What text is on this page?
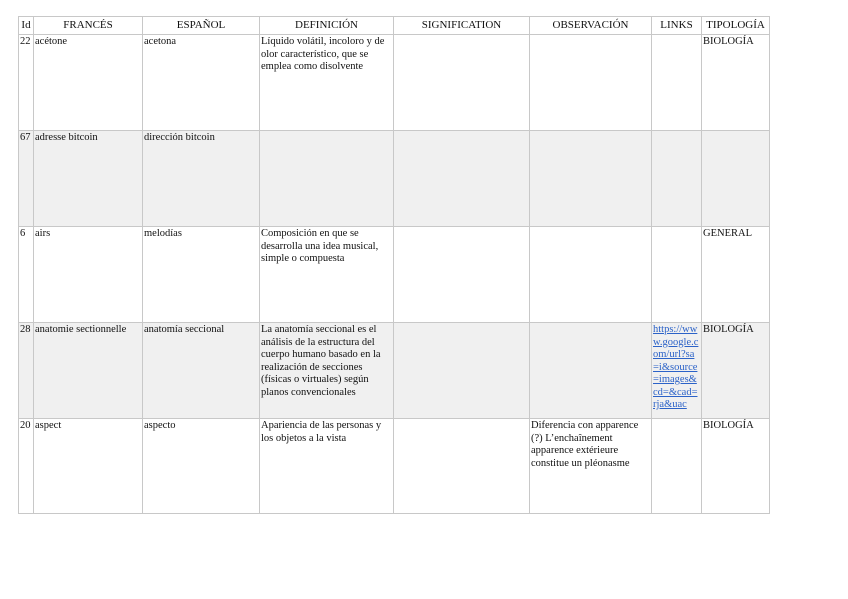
Id	FRANCÉS	ESPAÑOL	DEFINICIÓN	SIGNIFICATION	OBSERVACIÓN	LINKS	TIPOLOGÍA
22	acétone	acetona	Líquido volátil, incoloro y de olor característico, que se emplea como disolvente				BIOLOGÍA
67	adresse bitcoin	dirección bitcoin					
6	airs	melodías	Composición en que se desarrolla una idea musical, simple o compuesta				GENERAL
28	anatomie sectionnelle	anatomía seccional	La anatomía seccional es el análisis de la estructura del cuerpo humano basado en la realización de secciones (físicas o virtuales) según planos convencionales			https://www.google.com/url?sa=i&source=images&cd=&cad=rja&uac	BIOLOGÍA
20	aspect	aspecto	Apariencia de las personas y los objetos a la vista		Diferencia con apparence (?) L’enchaînement apparence extérieure constitue un pléonasme		BIOLOGÍA
